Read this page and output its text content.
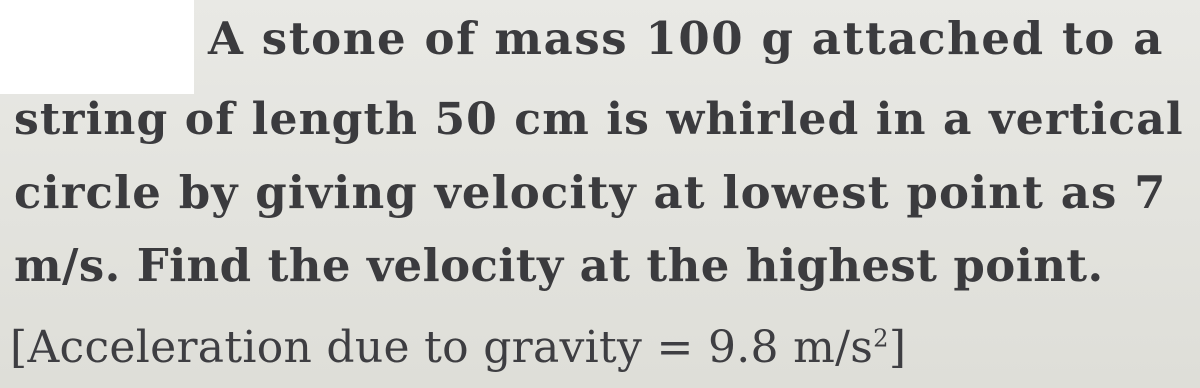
A stone of mass 100 g attached to a
string of length 50 cm is whirled in a vertical
circle by giving velocity at lowest point as 7
m/s. Find the velocity at the highest point.
[Acceleration due to gravity = 9.8 $m/s^2$]
